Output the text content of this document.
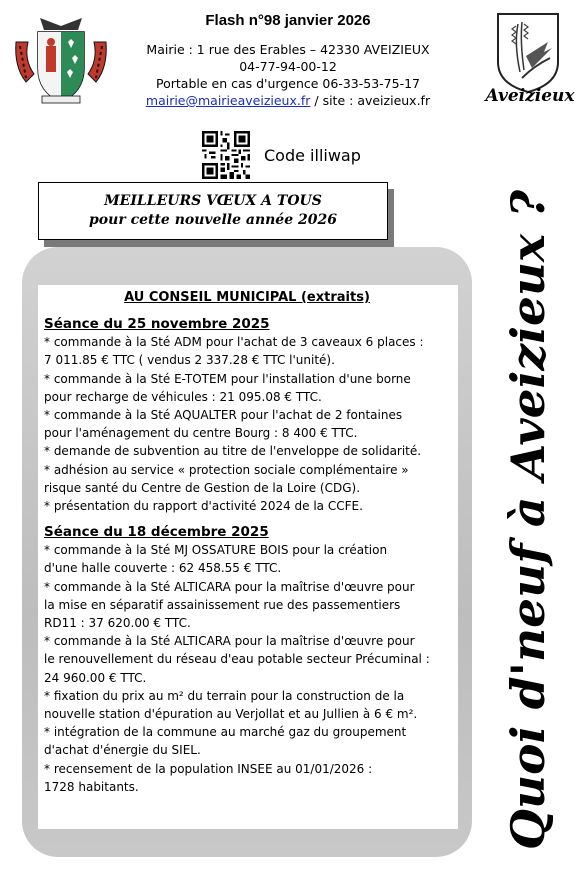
Flash n°98 janvier 2026
Mairie : 1 rue des Erables – 42330 AVEIZIEUX
04-77-94-00-12
Portable en cas d'urgence 06-33-53-75-17
mairie@mairieaveizieux.fr / site : aveizieux.fr
Code illiwap
Aveizieux
Quoi d'neuf à Aveizieux ?
MEILLEURS VŒUX A TOUS
pour cette nouvelle année 2026
AU CONSEIL MUNICIPAL (extraits)
Séance du 25 novembre 2025
* commande à la Sté ADM pour l'achat de 3 caveaux 6 places :
7 011.85 € TTC ( vendus 2 337.28 € TTC l'unité).
* commande à la Sté E-TOTEM pour l'installation d'une borne
pour recharge de véhicules : 21 095.08 € TTC.
* commande à la Sté AQUALTER pour l'achat de 2 fontaines
pour l'aménagement du centre Bourg : 8 400 € TTC.
* demande de subvention au titre de l'enveloppe de solidarité.
* adhésion au service « protection sociale complémentaire »
risque santé du Centre de Gestion de la Loire (CDG).
* présentation du rapport d'activité 2024 de la CCFE.
Séance du 18 décembre 2025
* commande à la Sté MJ OSSATURE BOIS pour la création
d'une halle couverte : 62 458.55 € TTC.
* commande à la Sté ALTICARA pour la maîtrise d'œuvre pour
la mise en séparatif assainissement rue des passementiers
RD11 : 37 620.00 € TTC.
* commande à la Sté ALTICARA pour la maîtrise d'œuvre pour
le renouvellement du réseau d'eau potable secteur Précuminal :
24 960.00 € TTC.
* fixation du prix au m² du terrain pour la construction de la
nouvelle station d'épuration au Verjollat et au Jullien à 6 € m².
* intégration de la commune au marché gaz du groupement
d'achat d'énergie du SIEL.
* recensement de la population INSEE au 01/01/2026 :
1728 habitants.
